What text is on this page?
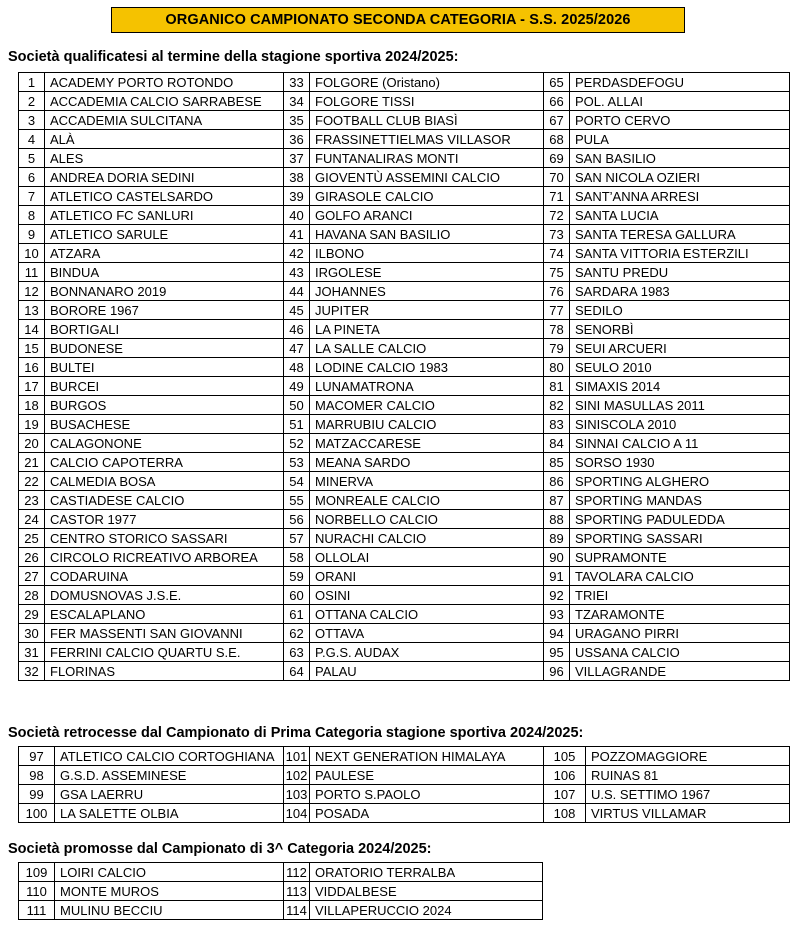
ORGANICO CAMPIONATO SECONDA CATEGORIA - S.S. 2025/2026
Società qualificatesi al termine della stagione sportiva 2024/2025:
1	ACADEMY PORTO ROTONDO	33	FOLGORE (Oristano)	65	PERDASDEFOGU
2	ACCADEMIA CALCIO SARRABESE	34	FOLGORE TISSI	66	POL. ALLAI
3	ACCADEMIA SULCITANA	35	FOOTBALL CLUB BIASÌ	67	PORTO CERVO
4	ALÀ	36	FRASSINETTIELMAS VILLASOR	68	PULA
5	ALES	37	FUNTANALIRAS MONTI	69	SAN BASILIO
6	ANDREA DORIA SEDINI	38	GIOVENTÙ ASSEMINI CALCIO	70	SAN NICOLA OZIERI
7	ATLETICO CASTELSARDO	39	GIRASOLE CALCIO	71	SANT’ANNA ARRESI
8	ATLETICO FC SANLURI	40	GOLFO ARANCI	72	SANTA LUCIA
9	ATLETICO SARULE	41	HAVANA SAN BASILIO	73	SANTA TERESA GALLURA
10	ATZARA	42	ILBONO	74	SANTA VITTORIA ESTERZILI
11	BINDUA	43	IRGOLESE	75	SANTU PREDU
12	BONNANARO 2019	44	JOHANNES	76	SARDARA 1983
13	BORORE 1967	45	JUPITER	77	SEDILO
14	BORTIGALI	46	LA PINETA	78	SENORBÌ
15	BUDONESE	47	LA SALLE CALCIO	79	SEUI ARCUERI
16	BULTEI	48	LODINE CALCIO 1983	80	SEULO 2010
17	BURCEI	49	LUNAMATRONA	81	SIMAXIS 2014
18	BURGOS	50	MACOMER CALCIO	82	SINI MASULLAS 2011
19	BUSACHESE	51	MARRUBIU CALCIO	83	SINISCOLA 2010
20	CALAGONONE	52	MATZACCARESE	84	SINNAI CALCIO A 11
21	CALCIO CAPOTERRA	53	MEANA SARDO	85	SORSO 1930
22	CALMEDIA BOSA	54	MINERVA	86	SPORTING ALGHERO
23	CASTIADESE CALCIO	55	MONREALE CALCIO	87	SPORTING MANDAS
24	CASTOR 1977	56	NORBELLO CALCIO	88	SPORTING PADULEDDA
25	CENTRO STORICO SASSARI	57	NURACHI CALCIO	89	SPORTING SASSARI
26	CIRCOLO RICREATIVO ARBOREA	58	OLLOLAI	90	SUPRAMONTE
27	CODARUINA	59	ORANI	91	TAVOLARA CALCIO
28	DOMUSNOVAS J.S.E.	60	OSINI	92	TRIEI
29	ESCALAPLANO	61	OTTANA CALCIO	93	TZARAMONTE
30	FER MASSENTI SAN GIOVANNI	62	OTTAVA	94	URAGANO PIRRI
31	FERRINI CALCIO QUARTU S.E.	63	P.G.S. AUDAX	95	USSANA CALCIO
32	FLORINAS	64	PALAU	96	VILLAGRANDE
Società retrocesse dal Campionato di Prima Categoria stagione sportiva 2024/2025:
97	ATLETICO CALCIO CORTOGHIANA	101	NEXT GENERATION HIMALAYA	105	POZZOMAGGIORE
98	G.S.D. ASSEMINESE	102	PAULESE	106	RUINAS 81
99	GSA LAERRU	103	PORTO S.PAOLO	107	U.S. SETTIMO 1967
100	LA SALETTE OLBIA	104	POSADA	108	VIRTUS VILLAMAR
Società promosse dal Campionato di 3^ Categoria 2024/2025:
109	LOIRI CALCIO	112	ORATORIO TERRALBA
110	MONTE MUROS	113	VIDDALBESE
111	MULINU BECCIU	114	VILLAPERUCCIO 2024
